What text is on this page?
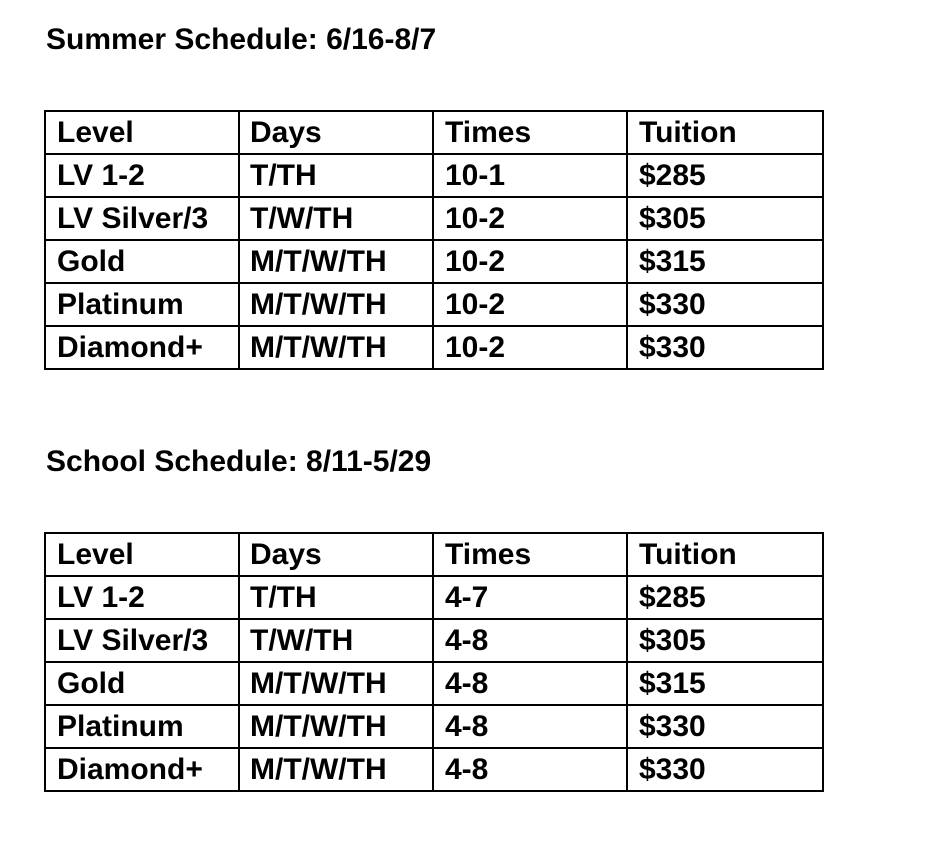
Summer Schedule: 6/16-8/7
Level	Days	Times	Tuition
LV 1-2	T/TH	10-1	$285
LV Silver/3	T/W/TH	10-2	$305
Gold	M/T/W/TH	10-2	$315
Platinum	M/T/W/TH	10-2	$330
Diamond+	M/T/W/TH	10-2	$330
School Schedule: 8/11-5/29
Level	Days	Times	Tuition
LV 1-2	T/TH	4-7	$285
LV Silver/3	T/W/TH	4-8	$305
Gold	M/T/W/TH	4-8	$315
Platinum	M/T/W/TH	4-8	$330
Diamond+	M/T/W/TH	4-8	$330
